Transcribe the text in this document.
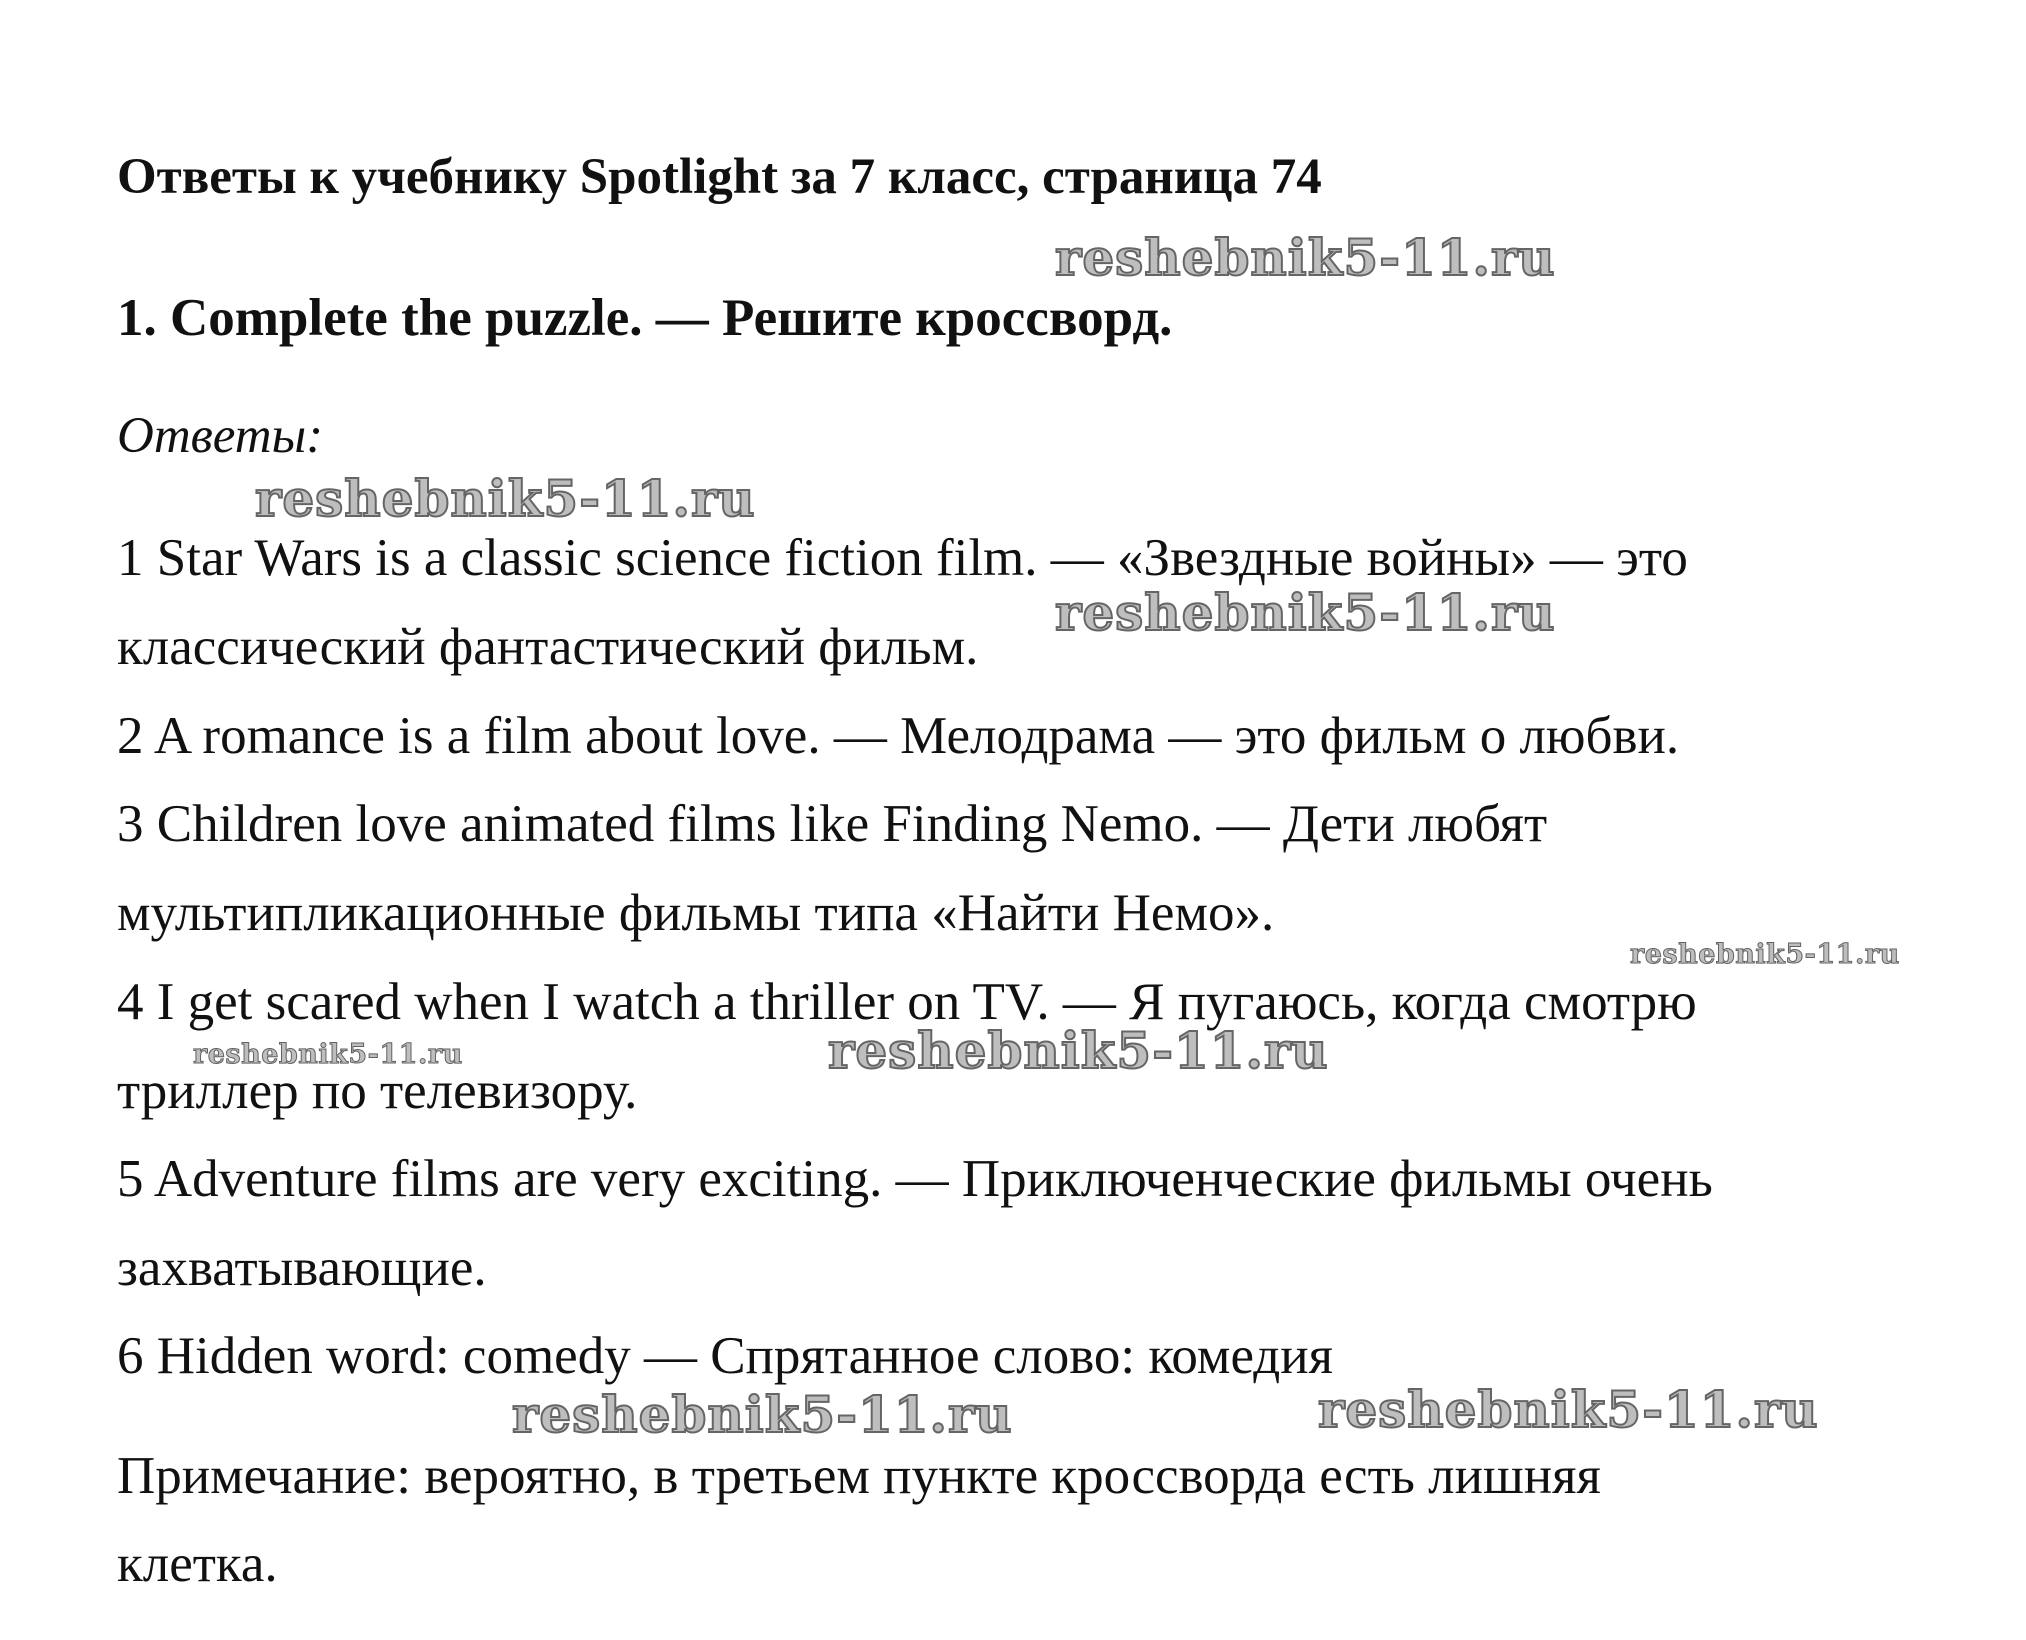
Ответы к учебнику Spotlight за 7 класс, страница 74
reshebnik5-11.ru
1. Complete the puzzle. — Решите кроссворд.
Ответы:
reshebnik5-11.ru
1 Star Wars is a classic science fiction film. — «Звездные войны» — это
классический фантастический фильм.
reshebnik5-11.ru
2 A romance is a film about love. — Мелодрама — это фильм о любви.
3 Children love animated films like Finding Nemo. — Дети любят
мультипликационные фильмы типа «Найти Немо».
reshebnik5-11.ru
4 I get scared when I watch a thriller on TV. — Я пугаюсь, когда смотрю
reshebnik5-11.ru	reshebnik5-11.ru
триллер по телевизору.
5 Adventure films are very exciting. — Приключенческие фильмы очень
захватывающие.
6 Hidden word: comedy — Спрятанное слово: комедия
reshebnik5-11.ru	reshebnik5-11.ru
Примечание: вероятно, в третьем пункте кроссворда есть лишняя
клетка.
